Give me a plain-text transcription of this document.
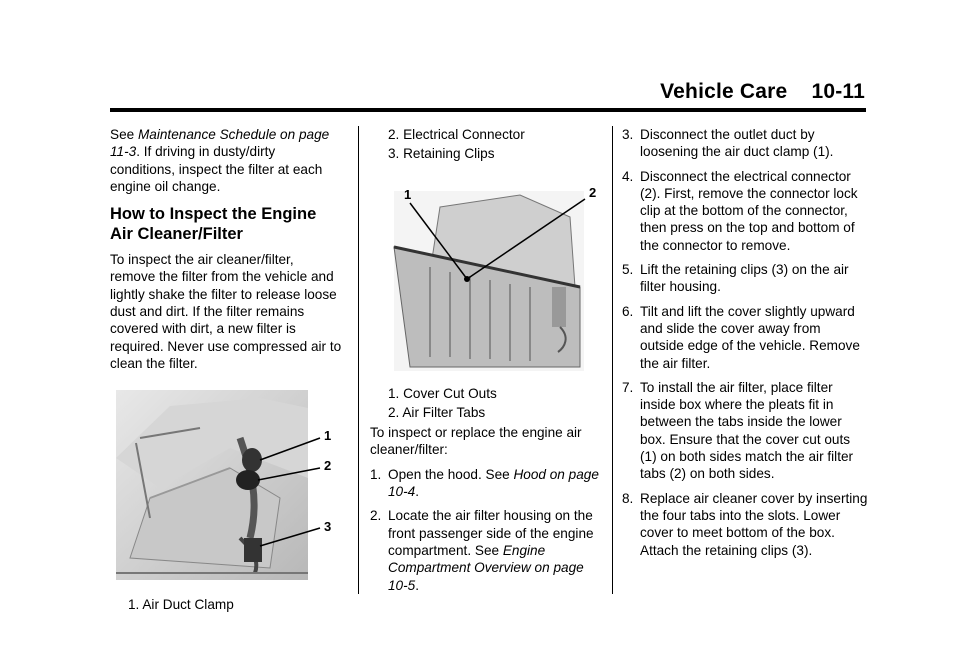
Vehicle Care 10-11

See Maintenance Schedule on page 11-3. If driving in dusty/dirty conditions, inspect the filter at each engine oil change.

How to Inspect the Engine Air Cleaner/Filter

To inspect the air cleaner/filter, remove the filter from the vehicle and lightly shake the filter to release loose dust and dirt. If the filter remains covered with dirt, a new filter is required. Never use compressed air to clean the filter.

1
2
3
1. Air Duct Clamp
2. Electrical Connector
3. Retaining Clips
1	2
1. Cover Cut Outs
2. Air Filter Tabs

To inspect or replace the engine air cleaner/filter:

1. Open the hood. See Hood on page 10-4.
2. Locate the air filter housing on the front passenger side of the engine compartment. See Engine Compartment Overview on page 10-5.
3. Disconnect the outlet duct by loosening the air duct clamp (1).
4. Disconnect the electrical connector (2). First, remove the connector lock clip at the bottom of the connector, then press on the top and bottom of the connector to remove.
5. Lift the retaining clips (3) on the air filter housing.
6. Tilt and lift the cover slightly upward and slide the cover away from outside edge of the vehicle. Remove the air filter.
7. To install the air filter, place filter inside box where the pleats fit in between the tabs inside the lower box. Ensure that the cover cut outs (1) on both sides match the air filter tabs (2) on both sides.
8. Replace air cleaner cover by inserting the four tabs into the slots. Lower cover to meet bottom of the box. Attach the retaining clips (3).
